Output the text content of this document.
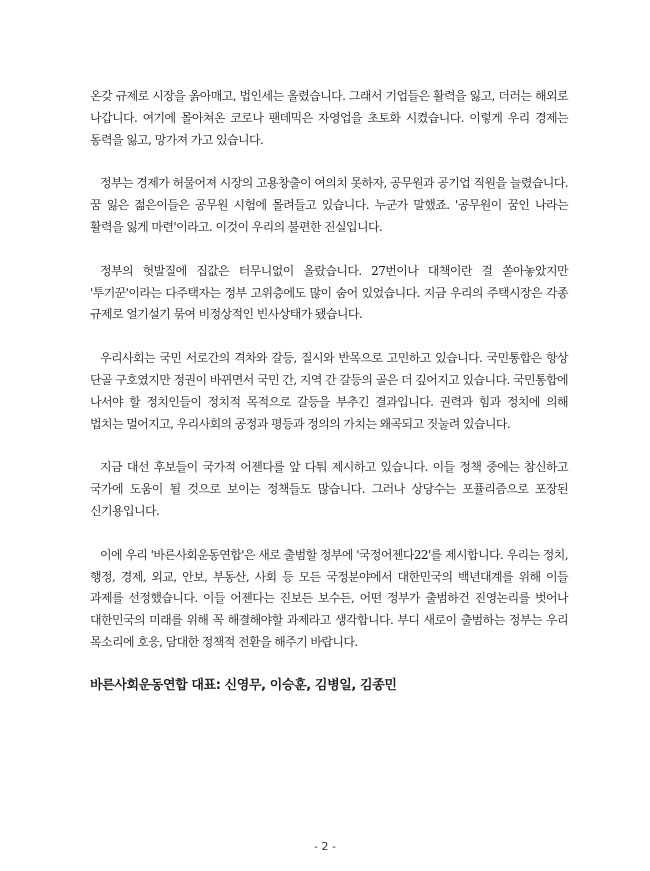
온갖 규제로 시장을 옭아매고, 법인세는 올렸습니다. 그래서 기업들은 활력을 잃고, 더러는 해외로 나갑니다. 여기에 몰아쳐온 코로나 팬데믹은 자영업을 초토화 시켰습니다. 이렇게 우리 경제는 동력을 잃고, 망가져 가고 있습니다.

정부는 경제가 허물어져 시장의 고용창출이 여의치 못하자, 공무원과 공기업 직원을 늘렸습니다. 꿈 잃은 젊은이들은 공무원 시험에 몰려들고 있습니다. 누군가 말했죠. '공무원이 꿈인 나라는 활력을 잃게 마련'이라고. 이것이 우리의 불편한 진실입니다.

정부의 헛발질에 집값은 터무니없이 올랐습니다. 27번이나 대책이란 걸 쏟아놓았지만 '투기꾼'이라는 다주택자는 정부 고위층에도 많이 숨어 있었습니다. 지금 우리의 주택시장은 각종 규제로 얼기설기 묶여 비정상적인 빈사상태가 됐습니다.

우리사회는 국민 서로간의 격차와 갈등, 질시와 반목으로 고민하고 있습니다. 국민통합은 항상 단골 구호였지만 정권이 바뀌면서 국민 간, 지역 간 갈등의 골은 더 깊어지고 있습니다. 국민통합에 나서야 할 정치인들이 정치적 목적으로 갈등을 부추긴 결과입니다. 권력과 힘과 정치에 의해 법치는 멀어지고, 우리사회의 공정과 평등과 정의의 가치는 왜곡되고 짓눌려 있습니다.

지금 대선 후보들이 국가적 어젠다를 앞 다퉈 제시하고 있습니다. 이들 정책 중에는 참신하고 국가에 도움이 될 것으로 보이는 정책들도 많습니다. 그러나 상당수는 포퓰리즘으로 포장된 신기용입니다.

이에 우리 '바른사회운동연합'은 새로 출범할 정부에 '국정어젠다22'를 제시합니다. 우리는 정치, 행정, 경제, 외교, 안보, 부동산, 사회 등 모든 국정분야에서 대한민국의 백년대계를 위해 이들 과제를 선정했습니다. 이들 어젠다는 진보든 보수든, 어떤 정부가 출범하건 진영논리를 벗어나 대한민국의 미래를 위해 꼭 해결해야할 과제라고 생각합니다. 부디 새로이 출범하는 정부는 우리 목소리에 호응, 담대한 정책적 전환을 해주기 바랍니다.

바른사회운동연합 대표: 신영무, 이승훈, 김병일, 김종민
- 2 -
